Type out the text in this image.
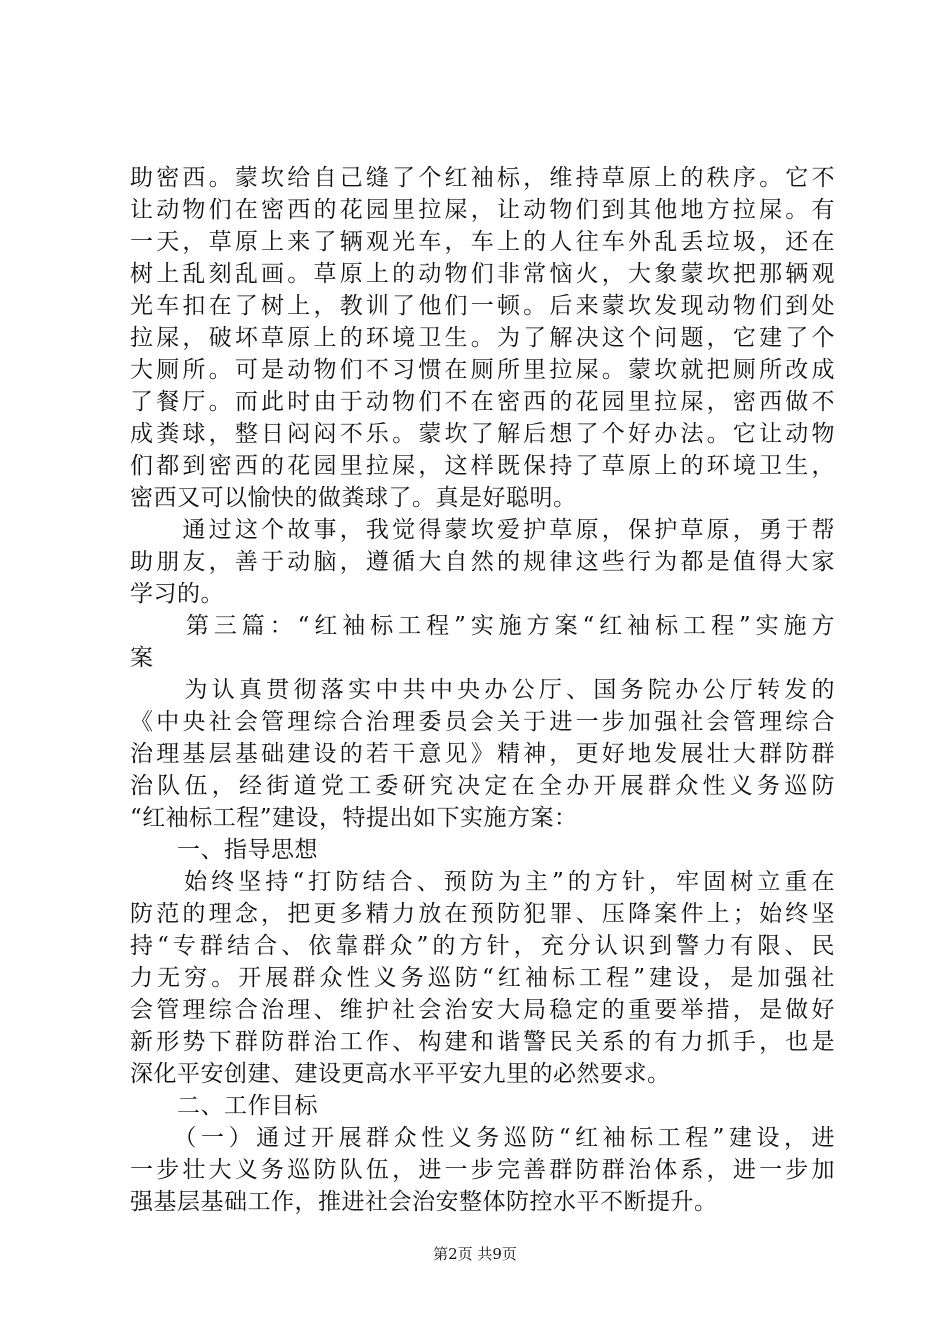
助密西。蒙坎给自己缝了个红袖标，维持草原上的秩序。它不
让动物们在密西的花园里拉屎，让动物们到其他地方拉屎。有
一天，草原上来了辆观光车，车上的人往车外乱丢垃圾，还在
树上乱刻乱画。草原上的动物们非常恼火，大象蒙坎把那辆观
光车扣在了树上，教训了他们一顿。后来蒙坎发现动物们到处
拉屎，破坏草原上的环境卫生。为了解决这个问题，它建了个
大厕所。可是动物们不习惯在厕所里拉屎。蒙坎就把厕所改成
了餐厅。而此时由于动物们不在密西的花园里拉屎，密西做不
成粪球，整日闷闷不乐。蒙坎了解后想了个好办法。它让动物
们都到密西的花园里拉屎，这样既保持了草原上的环境卫生，
密西又可以愉快的做粪球了。真是好聪明。
　　通过这个故事，我觉得蒙坎爱护草原，保护草原，勇于帮
助朋友，善于动脑，遵循大自然的规律这些行为都是值得大家
学习的。
　　第三篇：“红袖标工程”实施方案“红袖标工程”实施方
案
　　为认真贯彻落实中共中央办公厅、国务院办公厅转发的
《中央社会管理综合治理委员会关于进一步加强社会管理综合
治理基层基础建设的若干意见》精神，更好地发展壮大群防群
治队伍，经街道党工委研究决定在全办开展群众性义务巡防
“红袖标工程”建设，特提出如下实施方案：
　　一、指导思想
　　始终坚持“打防结合、预防为主”的方针，牢固树立重在
防范的理念，把更多精力放在预防犯罪、压降案件上；始终坚
持“专群结合、依靠群众”的方针，充分认识到警力有限、民
力无穷。开展群众性义务巡防“红袖标工程”建设，是加强社
会管理综合治理、维护社会治安大局稳定的重要举措，是做好
新形势下群防群治工作、构建和谐警民关系的有力抓手，也是
深化平安创建、建设更高水平平安九里的必然要求。
　　二、工作目标
　　（一）通过开展群众性义务巡防“红袖标工程”建设，进
一步壮大义务巡防队伍，进一步完善群防群治体系，进一步加
强基层基础工作，推进社会治安整体防控水平不断提升。
第2页 共9页
